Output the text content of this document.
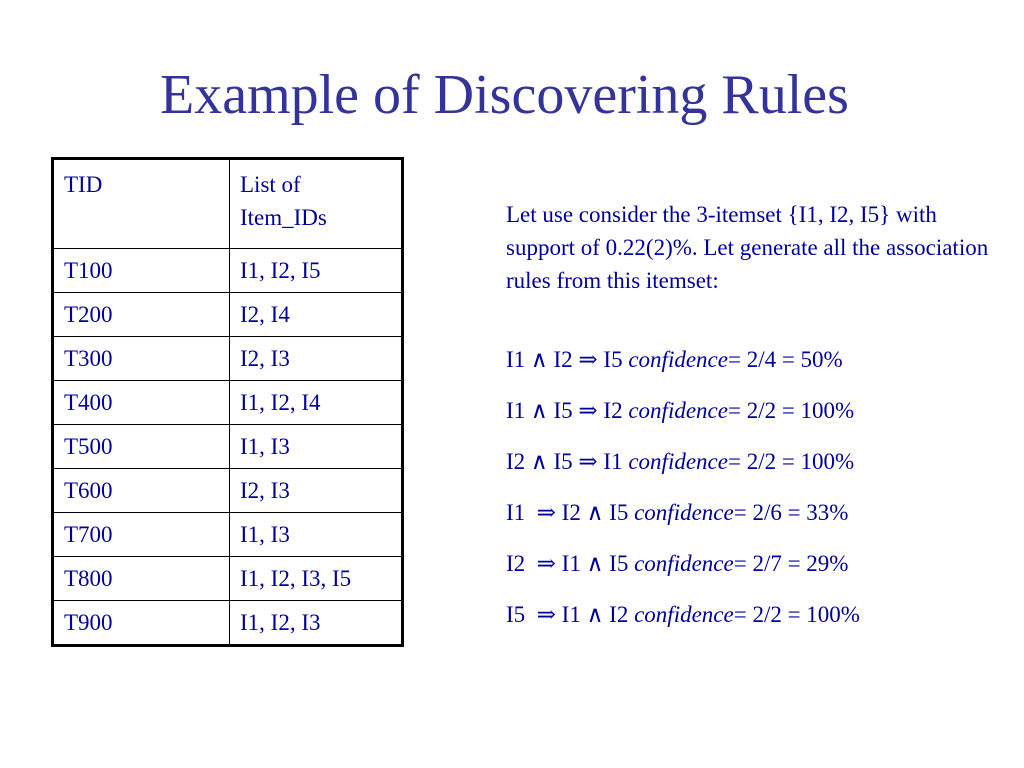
Example of Discovering Rules
TID	List of Item_IDs
T100	I1, I2, I5
T200	I2, I4
T300	I2, I3
T400	I1, I2, I4
T500	I1, I3
T600	I2, I3
T700	I1, I3
T800	I1, I2, I3, I5
T900	I1, I2, I3

Let use consider the 3-itemset {I1, I2, I5} with support of 0.22(2)%. Let generate all the association rules from this itemset:

I1 ∧ I2 ⇒ I5 confidence= 2/4 = 50%
I1 ∧ I5 ⇒ I2 confidence= 2/2 = 100%
I2 ∧ I5 ⇒ I1 confidence= 2/2 = 100%
I1  ⇒ I2 ∧ I5 confidence= 2/6 = 33%
I2  ⇒ I1 ∧ I5 confidence= 2/7 = 29%
I5  ⇒ I1 ∧ I2 confidence= 2/2 = 100%
